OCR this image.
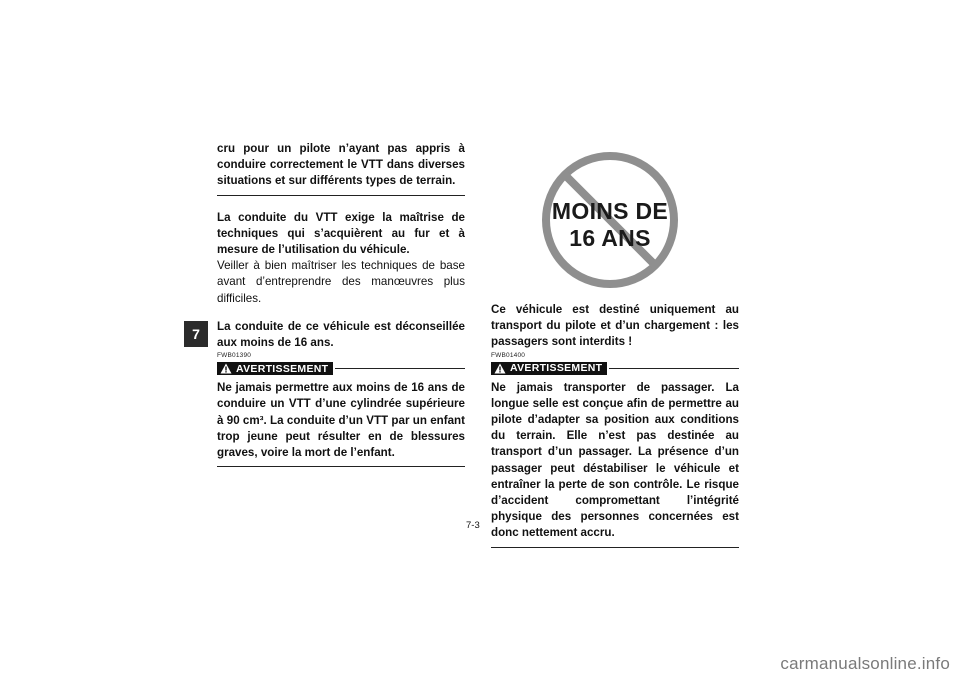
7

cru pour un pilote n’ayant pas appris à conduire correctement le VTT dans diverses situations et sur différents types de terrain.

La conduite du VTT exige la maîtrise de techniques qui s’acquièrent au fur et à mesure de l’utilisation du véhicule.

Veiller à bien maîtriser les techniques de base avant d’entreprendre des manœuvres plus difficiles.

La conduite de ce véhicule est déconseillée aux moins de 16 ans.

FWB01390
AVERTISSEMENT

Ne jamais permettre aux moins de 16 ans de conduire un VTT d’une cylindrée supérieure à 90 cm³. La conduite d’un VTT par un enfant trop jeune peut résulter en de blessures graves, voire la mort de l’enfant.

MOINS DE
16 ANS

Ce véhicule est destiné uniquement au transport du pilote et d’un chargement : les passagers sont interdits !

FWB01400
AVERTISSEMENT

Ne jamais transporter de passager. La longue selle est conçue afin de permettre au pilote d’adapter sa position aux conditions du terrain. Elle n’est pas destinée au transport d’un passager. La présence d’un passager peut déstabiliser le véhicule et entraîner la perte de son contrôle. Le risque d’accident compromettant l’intégrité physique des personnes concernées est donc nettement accru.

7-3
carmanualsonline.info
